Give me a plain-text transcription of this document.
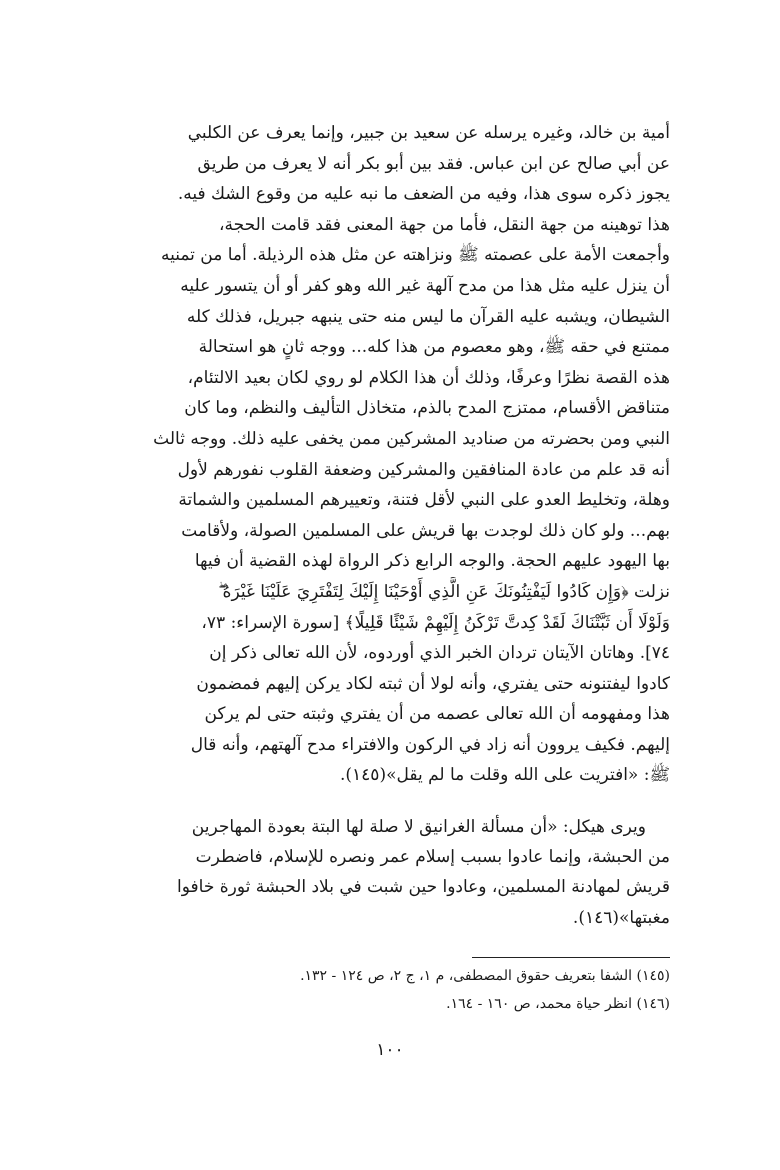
أمية بن خالد، وغيره يرسله عن سعيد بن جبير، وإنما يعرف عن الكلبي
عن أبي صالح عن ابن عباس. فقد بين أبو بكر أنه لا يعرف من طريق
يجوز ذكره سوى هذا، وفيه من الضعف ما نبه عليه من وقوع الشك فيه.
هذا توهينه من جهة النقل، فأما من جهة المعنى فقد قامت الحجة،
وأجمعت الأمة على عصمته ﷺ ونزاهته عن مثل هذه الرذيلة. أما من تمنيه
أن ينزل عليه مثل هذا من مدح آلهة غير الله وهو كفر أو أن يتسور عليه
الشيطان، ويشبه عليه القرآن ما ليس منه حتى ينبهه جبريل، فذلك كله
ممتنع في حقه ﷺ، وهو معصوم من هذا كله... ووجه ثانٍ هو استحالة
هذه القصة نظرًا وعرفًا، وذلك أن هذا الكلام لو روي لكان بعيد الالتئام،
متناقض الأقسام، ممتزج المدح بالذم، متخاذل التأليف والنظم، وما كان
النبي ومن بحضرته من صناديد المشركين ممن يخفى عليه ذلك. ووجه ثالث
أنه قد علم من عادة المنافقين والمشركين وضعفة القلوب نفورهم لأول
وهلة، وتخليط العدو على النبي لأقل فتنة، وتعييرهم المسلمين والشماتة
بهم... ولو كان ذلك لوجدت بها قريش على المسلمين الصولة، ولأقامت
بها اليهود عليهم الحجة. والوجه الرابع ذكر الرواة لهذه القضية أن فيها
نزلت ﴿وَإِن كَادُوا لَيَفْتِنُونَكَ عَنِ الَّذِي أَوْحَيْنَا إِلَيْكَ لِتَفْتَرِيَ عَلَيْنَا غَيْرَهُ ۖ
وَلَوْلَا أَن ثَبَّتْنَاكَ لَقَدْ كِدتَّ تَرْكَنُ إِلَيْهِمْ شَيْئًا قَلِيلًا﴾ [سورة الإسراء: ٧٣،
٧٤]. وهاتان الآيتان تردان الخبر الذي أوردوه، لأن الله تعالى ذكر إن
كادوا ليفتنونه حتى يفتري، وأنه لولا أن ثبته لكاد يركن إليهم فمضمون
هذا ومفهومه أن الله تعالى عصمه من أن يفتري وثبته حتى لم يركن
إليهم. فكيف يروون أنه زاد في الركون والافتراء مدح آلهتهم، وأنه قال
ﷺ: «افتريت على الله وقلت ما لم يقل»(١٤٥).
ويرى هيكل: «أن مسألة الغرانيق لا صلة لها البتة بعودة المهاجرين
من الحبشة، وإنما عادوا بسبب إسلام عمر ونصره للإسلام، فاضطرت
قريش لمهادنة المسلمين، وعادوا حين شبت في بلاد الحبشة ثورة خافوا
مغبتها»(١٤٦).
(١٤٥) الشفا بتعريف حقوق المصطفى، م ١، ج ٢، ص ١٢٤ - ١٣٢.
(١٤٦) انظر حياة محمد، ص ١٦٠ - ١٦٤.
١٠٠
